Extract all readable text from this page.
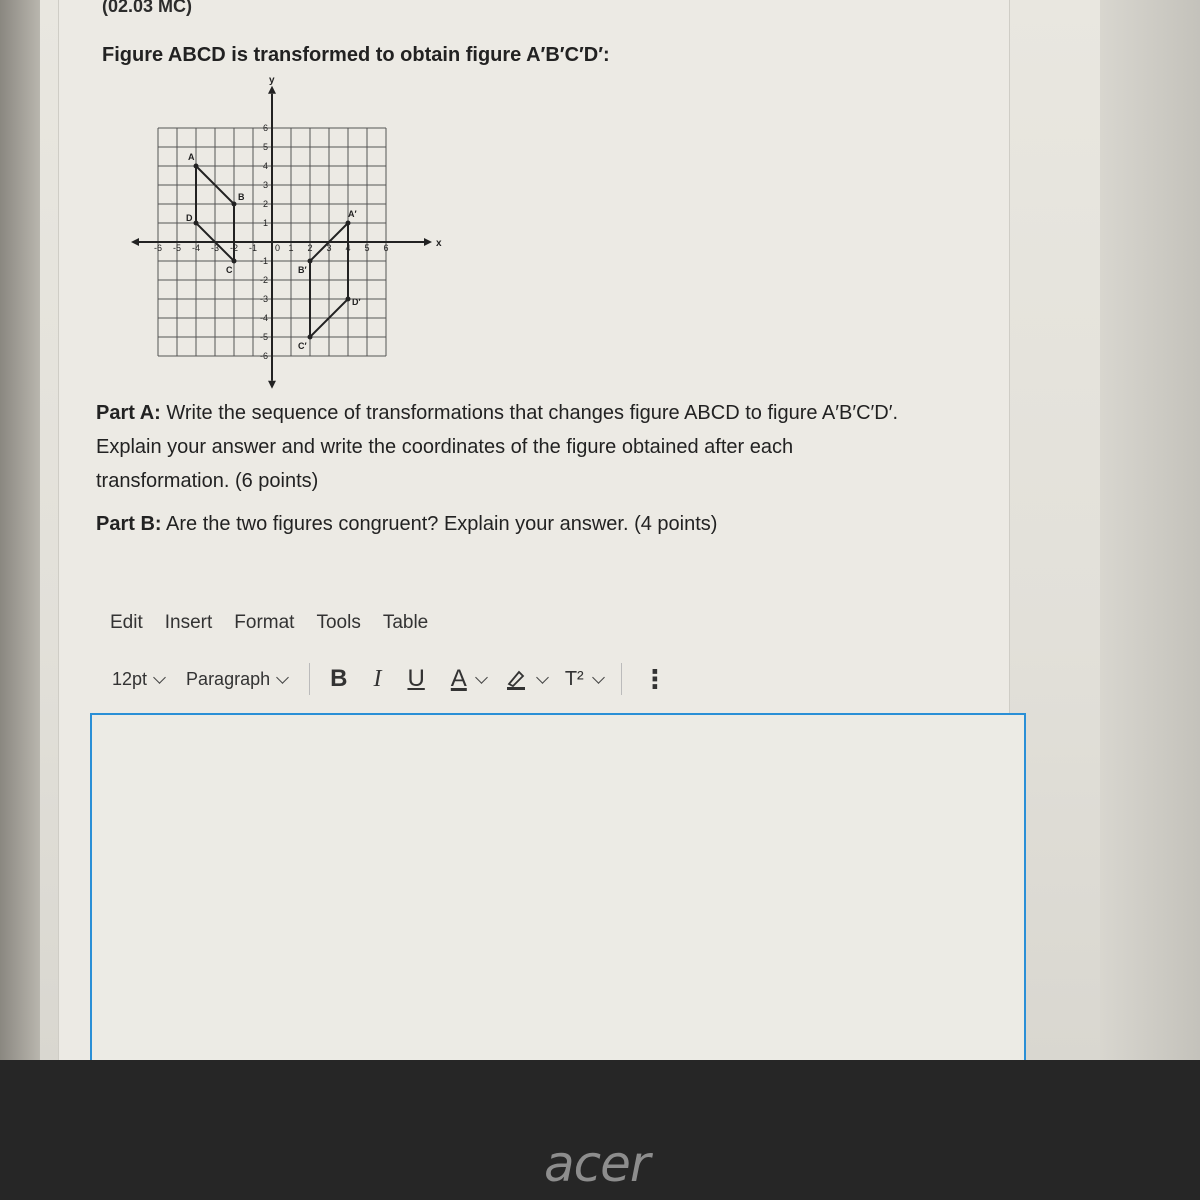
(02.03 MC)
Figure ABCD is transformed to obtain figure A′B′C′D′:
x
y
-6 -5 -4 -3 -2 -1	1 2 3 4 5 6
6
5
4
3
2
1
-1
-2
-3
-4
-5
-6
0
A
B
C
D	A′
B′
C′
D′
Part A: Write the sequence of transformations that changes figure ABCD to figure A′B′C′D′.
Explain your answer and write the coordinates of the figure obtained after each
transformation. (6 points)
Part B: Are the two figures congruent? Explain your answer. (4 points)
Edit Insert Format Tools Table
12pt Paragraph	B I U A	T² ⋮
acer
